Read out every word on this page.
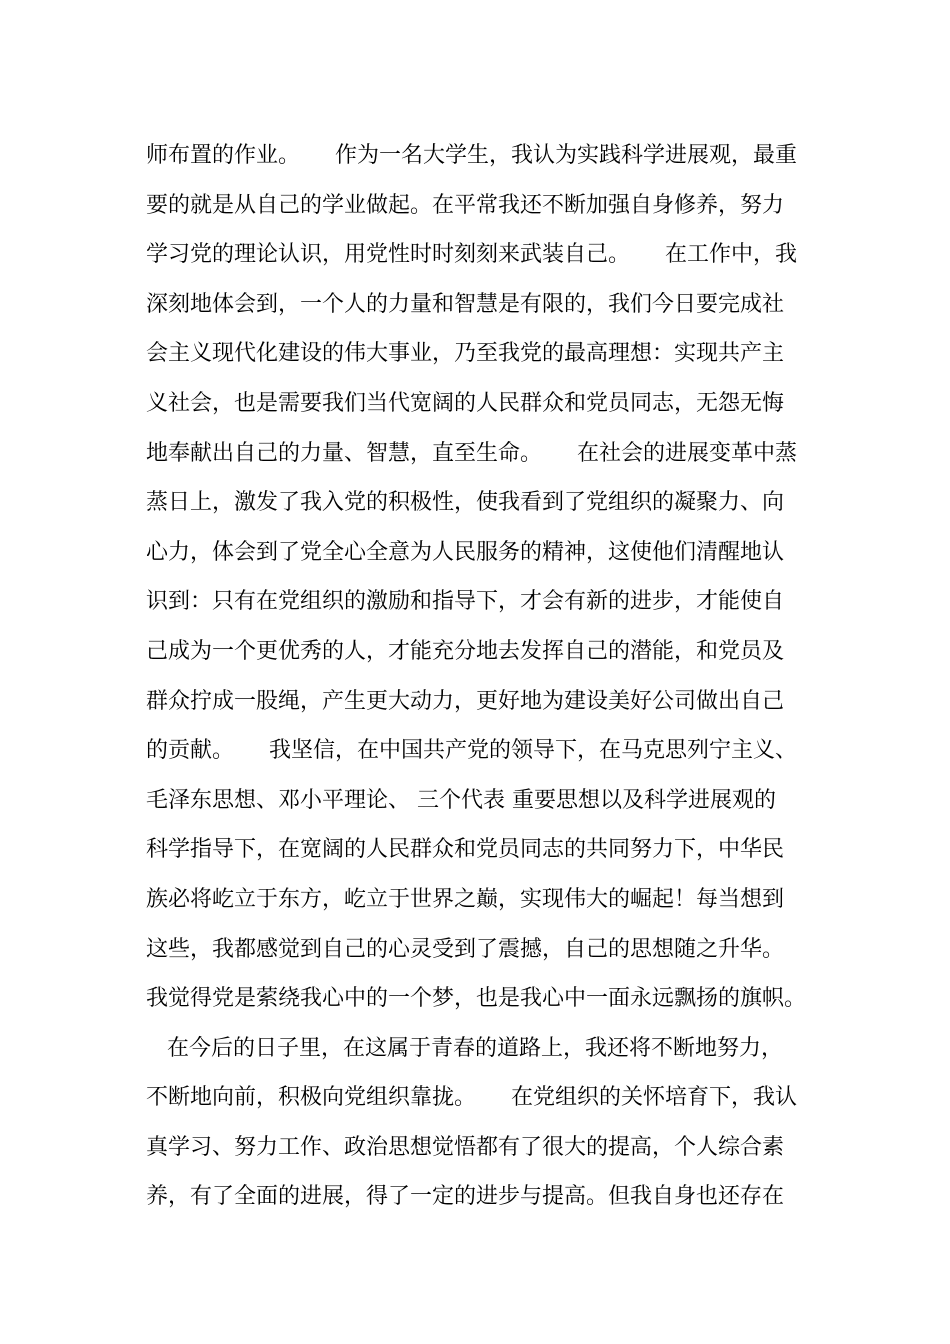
师布置的作业。     作为一名大学生，我认为实践科学进展观，最重
要的就是从自己的学业做起。在平常我还不断加强自身修养，努力
学习党的理论认识，用党性时时刻刻来武装自己。     在工作中，我
深刻地体会到，一个人的力量和智慧是有限的，我们今日要完成社
会主义现代化建设的伟大事业，乃至我党的最高理想：实现共产主
义社会，也是需要我们当代宽阔的人民群众和党员同志，无怨无悔
地奉献出自己的力量、智慧，直至生命。     在社会的进展变革中蒸
蒸日上，激发了我入党的积极性，使我看到了党组织的凝聚力、向
心力，体会到了党全心全意为人民服务的精神，这使他们清醒地认
识到：只有在党组织的激励和指导下，才会有新的进步，才能使自
己成为一个更优秀的人，才能充分地去发挥自己的潜能，和党员及
群众拧成一股绳，产生更大动力，更好地为建设美好公司做出自己
的贡献。     我坚信，在中国共产党的领导下，在马克思列宁主义、
毛泽东思想、邓小平理论、 三个代表 重要思想以及科学进展观的
科学指导下，在宽阔的人民群众和党员同志的共同努力下，中华民
族必将屹立于东方，屹立于世界之巅，实现伟大的崛起！每当想到
这些，我都感觉到自己的心灵受到了震撼，自己的思想随之升华。
我觉得党是萦绕我心中的一个梦，也是我心中一面永远飘扬的旗帜。
在今后的日子里，在这属于青春的道路上，我还将不断地努力，
不断地向前，积极向党组织靠拢。     在党组织的关怀培育下，我认
真学习、努力工作、政治思想觉悟都有了很大的提高，个人综合素
养，有了全面的进展，得了一定的进步与提高。但我自身也还存在
